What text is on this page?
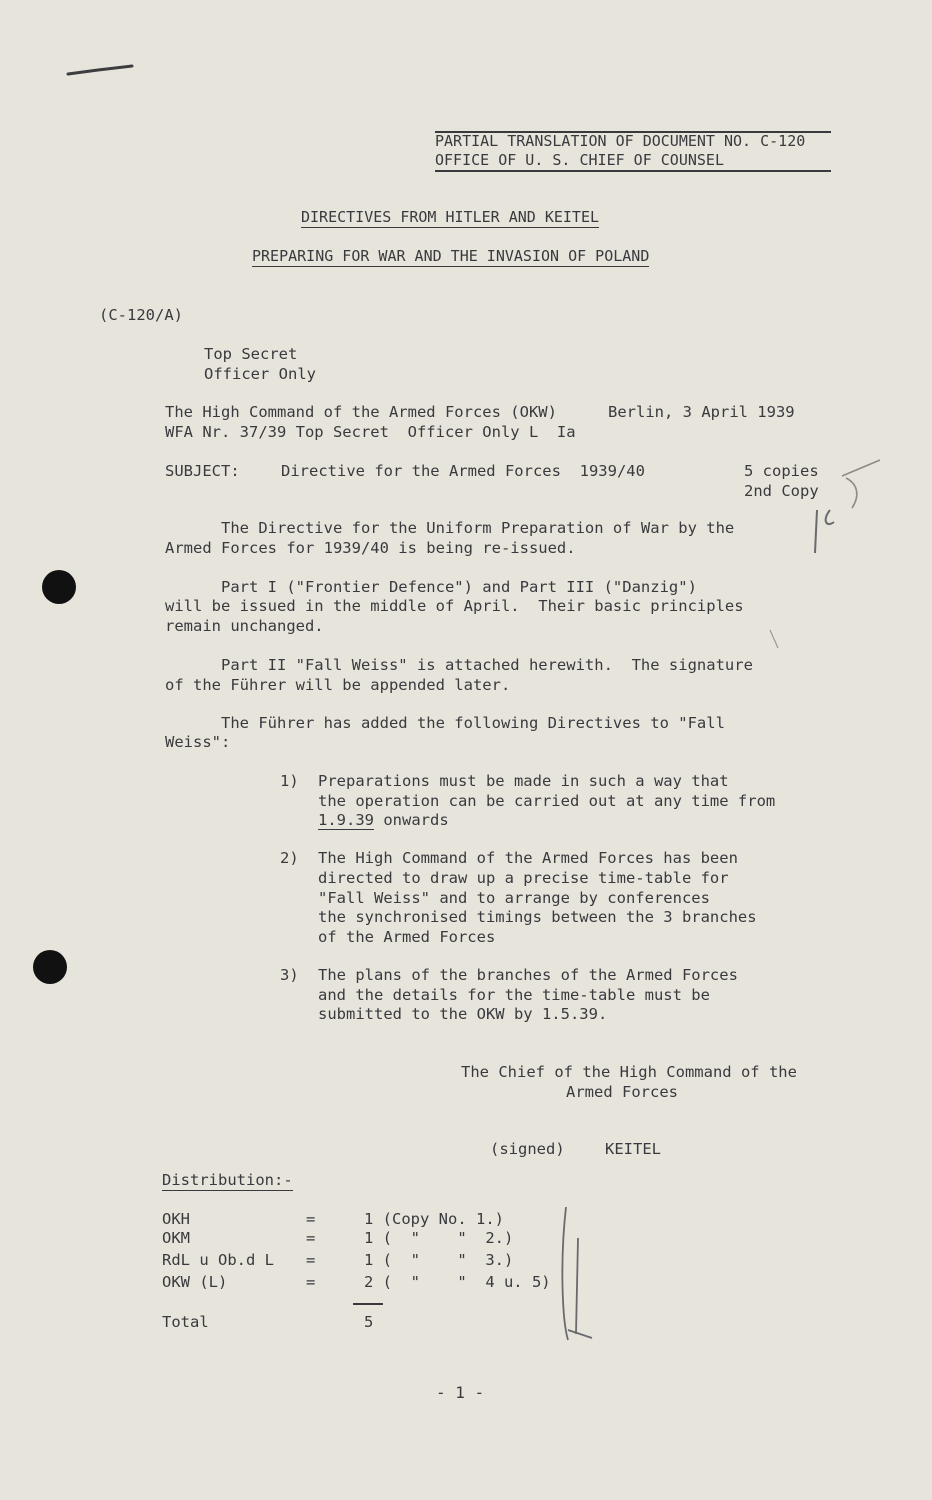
PARTIAL TRANSLATION OF DOCUMENT NO. C-120
OFFICE OF U. S. CHIEF OF COUNSEL
DIRECTIVES FROM HITLER AND KEITEL
PREPARING FOR WAR AND THE INVASION OF POLAND
(C-120/A)
Top Secret
Officer Only
The High Command of the Armed Forces (OKW)	Berlin, 3 April 1939
WFA Nr. 37/39 Top Secret  Officer Only L  Ia
SUBJECT:	Directive for the Armed Forces  1939/40	5 copies
2nd Copy
The Directive for the Uniform Preparation of War by the
Armed Forces for 1939/40 is being re-issued.
Part I ("Frontier Defence") and Part III ("Danzig")
will be issued in the middle of April.  Their basic principles
remain unchanged.
Part II "Fall Weiss" is attached herewith.  The signature
of the Führer will be appended later.
The Führer has added the following Directives to "Fall
Weiss":
1) Preparations must be made in such a way that
the operation can be carried out at any time from
1.9.39 onwards
2) The High Command of the Armed Forces has been
directed to draw up a precise time-table for
"Fall Weiss" and to arrange by conferences
the synchronised timings between the 3 branches
of the Armed Forces
3) The plans of the branches of the Armed Forces
and the details for the time-table must be
submitted to the OKW by 1.5.39.
The Chief of the High Command of the
Armed Forces
(signed)	KEITEL
Distribution:-
OKH	=	1 (Copy No. 1.)
OKM	=	1 (  "    "  2.)
RdL u Ob.d L =	1 (  "    "  3.)
OKW (L)	=	2 (  "    "  4 u. 5)
Total	5
- 1 -
